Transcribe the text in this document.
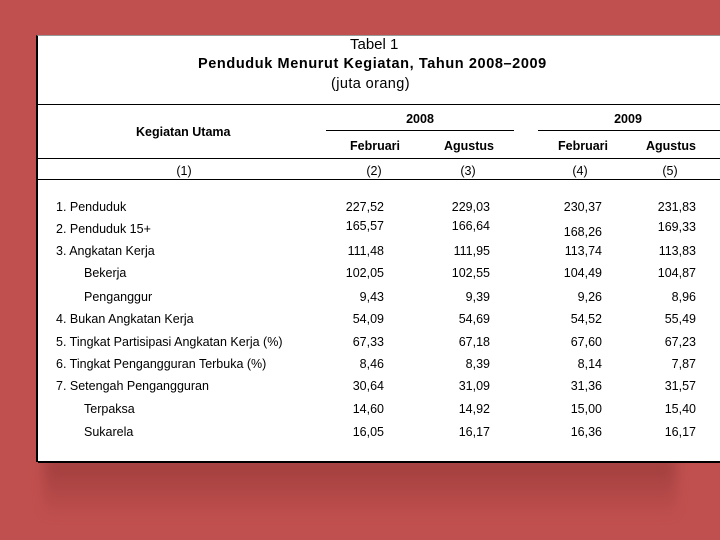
Tabel 1
Penduduk Menurut Kegiatan, Tahun 2008–2009
(juta orang)
Kegiatan Utama
2008	2009
Februari	Agustus	Februari	Agustus
(1)	(2)	(3)	(4)	(5)
1. Penduduk	227,52	229,03	230,37	231,83
2. Penduduk 15+	165,57	166,64	168,26	169,33
3. Angkatan Kerja	111,48	111,95	113,74	113,83
Bekerja	102,05	102,55	104,49	104,87
Penganggur	9,43	9,39	9,26	8,96
4. Bukan Angkatan Kerja	54,09	54,69	54,52	55,49
5. Tingkat Partisipasi Angkatan Kerja (%)	67,33	67,18	67,60	67,23
6. Tingkat Pengangguran Terbuka (%)	8,46	8,39	8,14	7,87
7. Setengah Pengangguran	30,64	31,09	31,36	31,57
Terpaksa	14,60	14,92	15,00	15,40
Sukarela	16,05	16,17	16,36	16,17
